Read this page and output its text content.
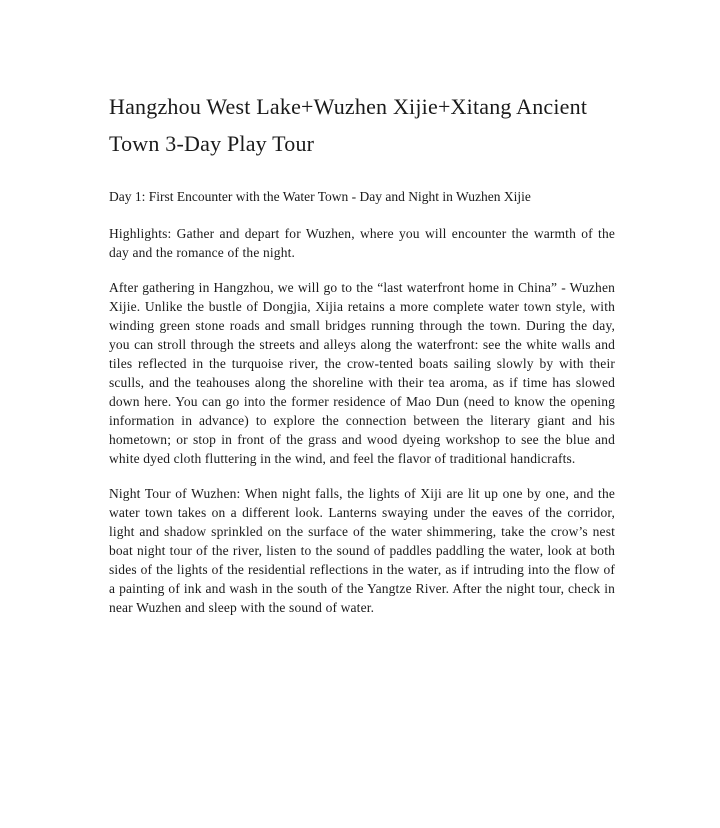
Hangzhou West Lake+Wuzhen Xijie+Xitang Ancient Town 3-Day Play Tour

Day 1: First Encounter with the Water Town - Day and Night in Wuzhen Xijie

Highlights: Gather and depart for Wuzhen, where you will encounter the warmth of the day and the romance of the night.

After gathering in Hangzhou, we will go to the “last waterfront home in China” - Wuzhen Xijie. Unlike the bustle of Dongjia, Xijia retains a more complete water town style, with winding green stone roads and small bridges running through the town. During the day, you can stroll through the streets and alleys along the waterfront: see the white walls and tiles reflected in the turquoise river, the crow-tented boats sailing slowly by with their sculls, and the teahouses along the shoreline with their tea aroma, as if time has slowed down here. You can go into the former residence of Mao Dun (need to know the opening information in advance) to explore the connection between the literary giant and his hometown; or stop in front of the grass and wood dyeing workshop to see the blue and white dyed cloth fluttering in the wind, and feel the flavor of traditional handicrafts.

Night Tour of Wuzhen: When night falls, the lights of Xiji are lit up one by one, and the water town takes on a different look. Lanterns swaying under the eaves of the corridor, light and shadow sprinkled on the surface of the water shimmering, take the crow’s nest boat night tour of the river, listen to the sound of paddles paddling the water, look at both sides of the lights of the residential reflections in the water, as if intruding into the flow of a painting of ink and wash in the south of the Yangtze River. After the night tour, check in near Wuzhen and sleep with the sound of water.
